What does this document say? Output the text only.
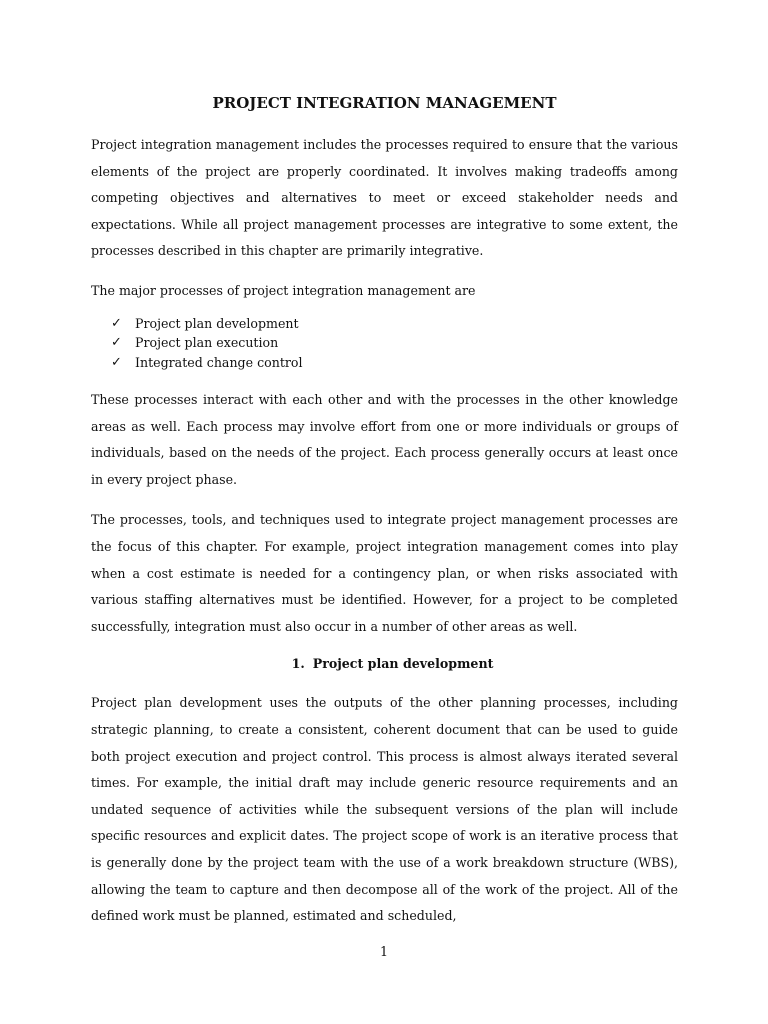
PROJECT INTEGRATION MANAGEMENT

Project integration management includes the processes required to ensure that the various elements of the project are properly coordinated. It involves making tradeoffs among competing objectives and alternatives to meet or exceed stakeholder needs and expectations. While all project management processes are integrative to some extent, the processes described in this chapter are primarily integrative.

The major processes of project integration management are

✓	Project plan development
✓	Project plan execution
✓	Integrated change control

These processes interact with each other and with the processes in the other knowledge areas as well. Each process may involve effort from one or more individuals or groups of individuals, based on the needs of the project. Each process generally occurs at least once in every project phase.

The processes, tools, and techniques used to integrate project management processes are the focus of this chapter. For example, project integration management comes into play when a cost estimate is needed for a contingency plan, or when risks associated with various staffing alternatives must be identified. However, for a project to be completed successfully, integration must also occur in a number of other areas as well.

1. Project plan development

Project plan development uses the outputs of the other planning processes, including strategic planning, to create a consistent, coherent document that can be used to guide both project execution and project control. This process is almost always iterated several times. For example, the initial draft may include generic resource requirements and an undated sequence of activities while the subsequent versions of the plan will include specific resources and explicit dates. The project scope of work is an iterative process that is generally done by the project team with the use of a work breakdown structure (WBS), allowing the team to capture and then decompose all of the work of the project. All of the defined work must be planned, estimated and scheduled,

1
